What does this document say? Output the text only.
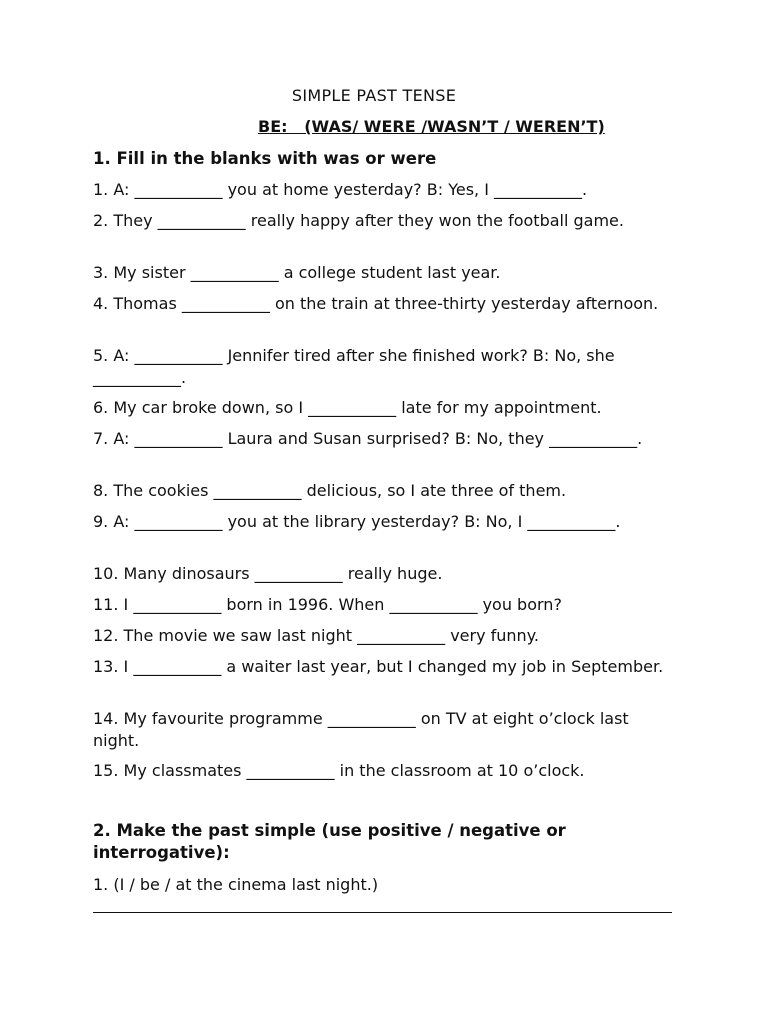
SIMPLE PAST TENSE
BE:   (WAS/ WERE /WASN’T / WEREN’T)
1. Fill in the blanks with was or were
1. A: ___________ you at home yesterday? B: Yes, I ___________.
2. They ___________ really happy after they won the football game.
3. My sister ___________ a college student last year.
4. Thomas ___________ on the train at three-thirty yesterday afternoon.
5. A: ___________ Jennifer tired after she finished work? B: No, she ___________.
6. My car broke down, so I ___________ late for my appointment.
7. A: ___________ Laura and Susan surprised? B: No, they ___________.
8. The cookies ___________ delicious, so I ate three of them.
9. A: ___________ you at the library yesterday? B: No, I ___________.
10. Many dinosaurs ___________ really huge.
11. I ___________ born in 1996. When ___________ you born?
12. The movie we saw last night ___________ very funny.
13. I ___________ a waiter last year, but I changed my job in September.
14. My favourite programme ___________ on TV at eight o’clock last night.
15. My classmates ___________ in the classroom at 10 o’clock.
2. Make the past simple (use positive / negative or interrogative):
1. (I / be / at the cinema last night.)
